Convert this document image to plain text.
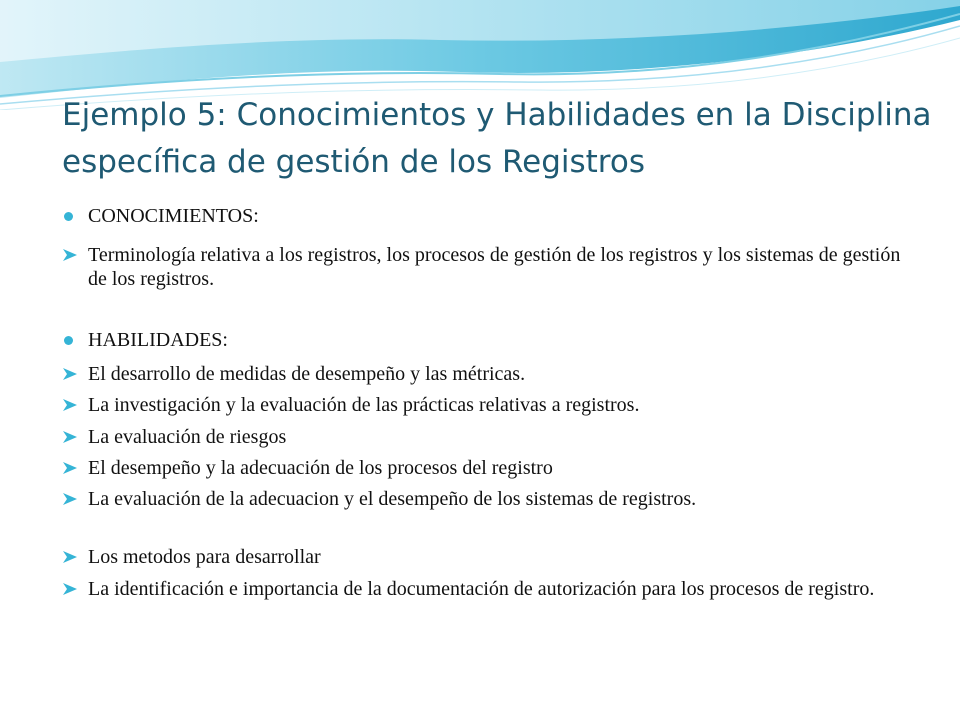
Ejemplo 5: Conocimientos y Habilidades en la Disciplina específica de gestión de los Registros
CONOCIMIENTOS:
Terminología relativa a los registros, los procesos de gestión de los registros y los sistemas de gestión de los registros.
HABILIDADES:
El desarrollo de medidas de desempeño y las métricas.
La investigación y la evaluación de las prácticas relativas a registros.
La evaluación de riesgos
El desempeño y la adecuación de los procesos del registro
La evaluación de la adecuacion y el desempeño de los sistemas de registros.
Los metodos para desarrollar
La identificación e importancia de la documentación de autorización para los procesos de registro.
